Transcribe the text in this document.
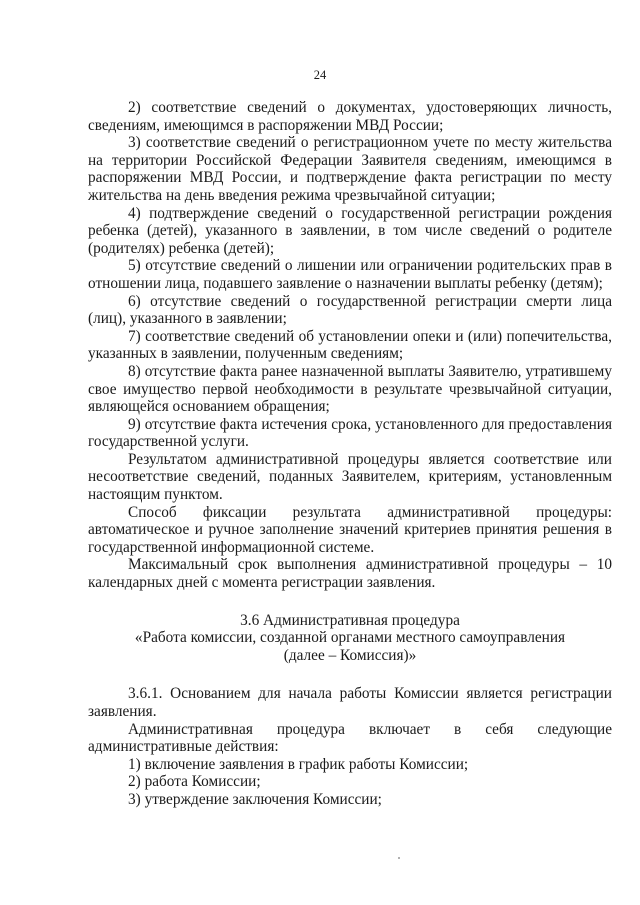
24

2) соответствие сведений о документах, удостоверяющих личность, сведениям, имеющимся в распоряжении МВД России;

3) соответствие сведений о регистрационном учете по месту жительства на территории Российской Федерации Заявителя сведениям, имеющимся в распоряжении МВД России, и подтверждение факта регистрации по месту жительства на день введения режима чрезвычайной ситуации;

4) подтверждение сведений о государственной регистрации рождения ребенка (детей), указанного в заявлении, в том числе сведений о родителе (родителях) ребенка (детей);

5) отсутствие сведений о лишении или ограничении родительских прав в отношении лица, подавшего заявление о назначении выплаты ребенку (детям);

6) отсутствие сведений о государственной регистрации смерти лица (лиц), указанного в заявлении;

7) соответствие сведений об установлении опеки и (или) попечительства, указанных в заявлении, полученным сведениям;

8) отсутствие факта ранее назначенной выплаты Заявителю, утратившему свое имущество первой необходимости в результате чрезвычайной ситуации, являющейся основанием обращения;

9) отсутствие факта истечения срока, установленного для предоставления государственной услуги.

Результатом административной процедуры является соответствие или несоответствие сведений, поданных Заявителем, критериям, установленным настоящим пунктом.

Способ фиксации результата административной процедуры: автоматическое и ручное заполнение значений критериев принятия решения в государственной информационной системе.

Максимальный срок выполнения административной процедуры – 10 календарных дней с момента регистрации заявления.

3.6 Административная процедура

«Работа комиссии, созданной органами местного самоуправления

(далее – Комиссия)»

3.6.1. Основанием для начала работы Комиссии является регистрации заявления.

Административная процедура включает в себя следующие административные действия:

1) включение заявления в график работы Комиссии;

2) работа Комиссии;

3) утверждение заключения Комиссии;
